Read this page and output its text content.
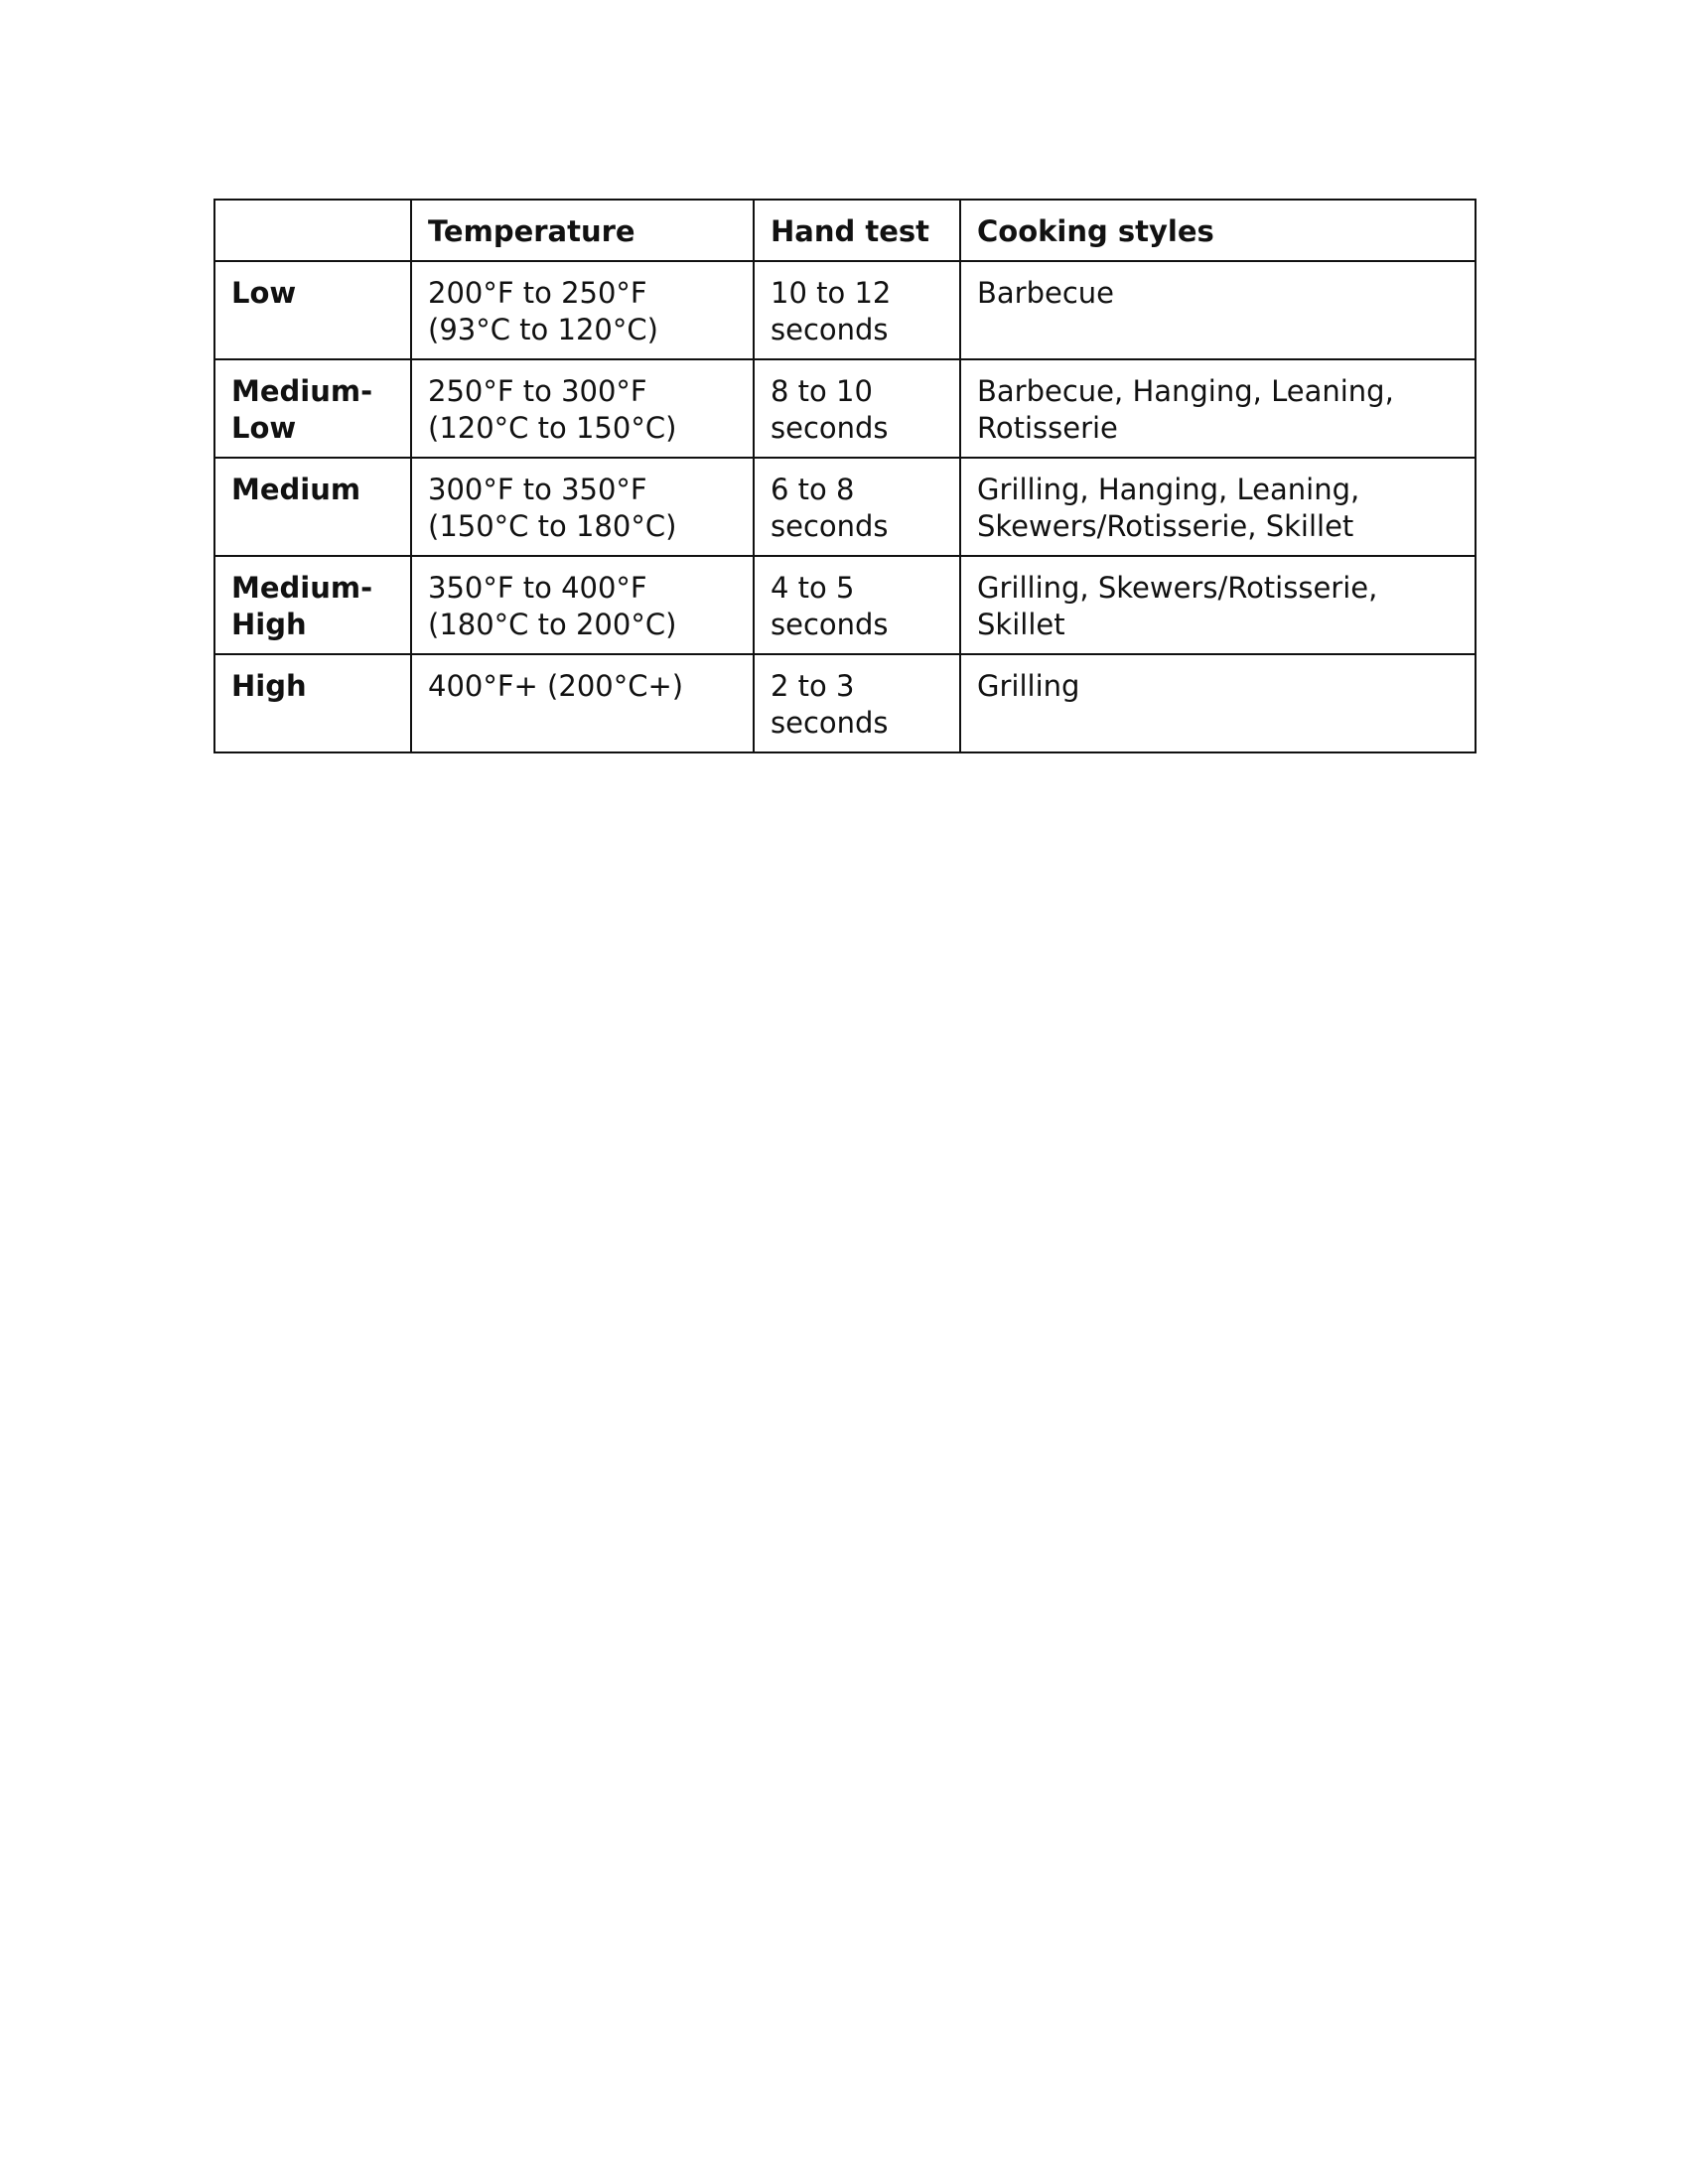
	Temperature	Hand test	Cooking styles
Low	200°F to 250°F (93°C to 120°C)	10 to 12 seconds	Barbecue
Medium-Low	250°F to 300°F (120°C to 150°C)	8 to 10 seconds	Barbecue, Hanging, Leaning, Rotisserie
Medium	300°F to 350°F (150°C to 180°C)	6 to 8 seconds	Grilling, Hanging, Leaning, Skewers/Rotisserie, Skillet
Medium-High	350°F to 400°F (180°C to 200°C)	4 to 5 seconds	Grilling, Skewers/Rotisserie, Skillet
High	400°F+ (200°C+)	2 to 3 seconds	Grilling
